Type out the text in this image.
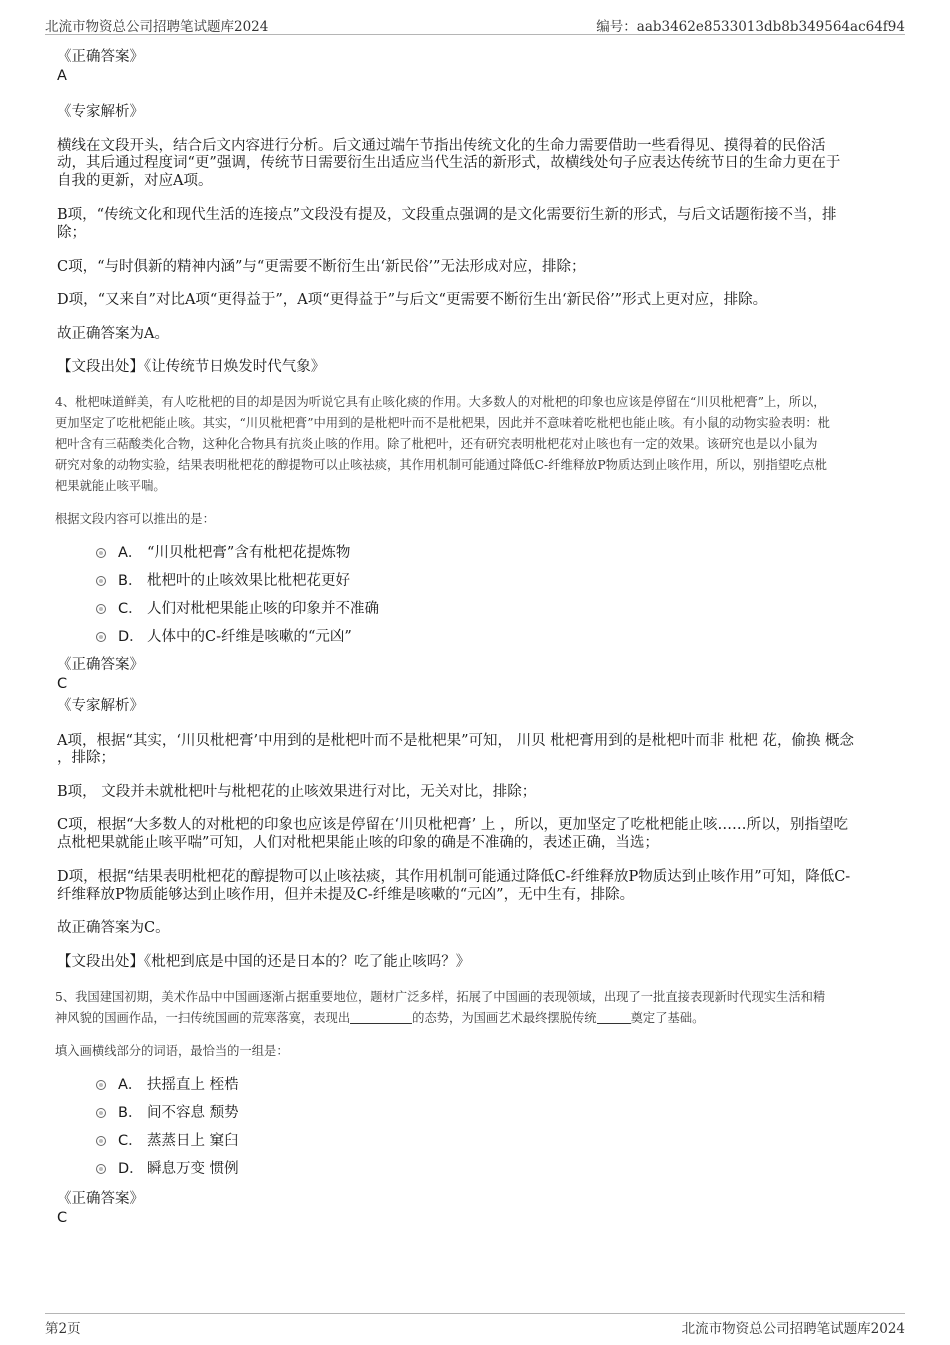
北流市物资总公司招聘笔试题库2024	编号：aab3462e8533013db8b349564ac64f94

《正确答案》

A

《专家解析》

横线在文段开头，结合后文内容进行分析。后文通过端午节指出传统文化的生命力需要借助一些看得见、摸得着的民俗活

动，其后通过程度词“更”强调，传统节日需要衍生出适应当代生活的新形式，故横线处句子应表达传统节日的生命力更在于

自我的更新，对应A项。

B项，“传统文化和现代生活的连接点”文段没有提及，文段重点强调的是文化需要衍生新的形式，与后文话题衔接不当，排

除；

C项，“与时俱新的精神内涵”与“更需要不断衍生出‘新民俗’”无法形成对应，排除；

D项，“又来自”对比A项“更得益于”，A项“更得益于”与后文“更需要不断衍生出‘新民俗’”形式上更对应，排除。

故正确答案为A。

【文段出处】《让传统节日焕发时代气象》

4、枇杷味道鲜美，有人吃枇杷的目的却是因为听说它具有止咳化痰的作用。大多数人的对枇杷的印象也应该是停留在“川贝枇杷膏”上，所以，

更加坚定了吃枇杷能止咳。其实，“川贝枇杷膏”中用到的是枇杷叶而不是枇杷果，因此并不意味着吃枇杷也能止咳。有小鼠的动物实验表明：枇

杷叶含有三萜酸类化合物，这种化合物具有抗炎止咳的作用。除了枇杷叶，还有研究表明枇杷花对止咳也有一定的效果。该研究也是以小鼠为

研究对象的动物实验，结果表明枇杷花的醇提物可以止咳祛痰，其作用机制可能通过降低C-纤维释放P物质达到止咳作用，所以，别指望吃点枇

杷果就能止咳平喘。

根据文段内容可以推出的是：

A． “川贝枇杷膏”含有枇杷花提炼物
B． 枇杷叶的止咳效果比枇杷花更好
C． 人们对枇杷果能止咳的印象并不准确
D． 人体中的C-纤维是咳嗽的“元凶”

《正确答案》

C

《专家解析》

A项，根据“其实，‘川贝枇杷膏’中用到的是枇杷叶而不是枇杷果”可知， 川贝 枇杷膏用到的是枇杷叶而非 枇杷 花，偷换 概念

，排除；

B项， 文段并未就枇杷叶与枇杷花的止咳效果进行对比，无关对比，排除；

C项，根据“大多数人的对枇杷的印象也应该是停留在‘川贝枇杷膏’ 上 ，所以，更加坚定了吃枇杷能止咳……所以，别指望吃

点枇杷果就能止咳平喘”可知，人们对枇杷果能止咳的印象的确是不准确的，表述正确，当选；

D项，根据“结果表明枇杷花的醇提物可以止咳祛痰，其作用机制可能通过降低C-纤维释放P物质达到止咳作用”可知，降低C-

纤维释放P物质能够达到止咳作用，但并未提及C-纤维是咳嗽的“元凶”，无中生有，排除。

故正确答案为C。

【文段出处】《枇杷到底是中国的还是日本的？吃了能止咳吗？》

5、我国建国初期，美术作品中中国画逐渐占据重要地位，题材广泛多样，拓展了中国画的表现领域，出现了一批直接表现新时代现实生活和精

神风貌的国画作品，一扫传统国画的荒寒落寞，表现出	的态势，为国画艺术最终摆脱传统	奠定了基础。

填入画横线部分的词语，最恰当的一组是：

A． 扶摇直上 桎梏
B． 间不容息 颓势
C． 蒸蒸日上 窠臼
D． 瞬息万变 惯例

《正确答案》

C

第2页	北流市物资总公司招聘笔试题库2024
